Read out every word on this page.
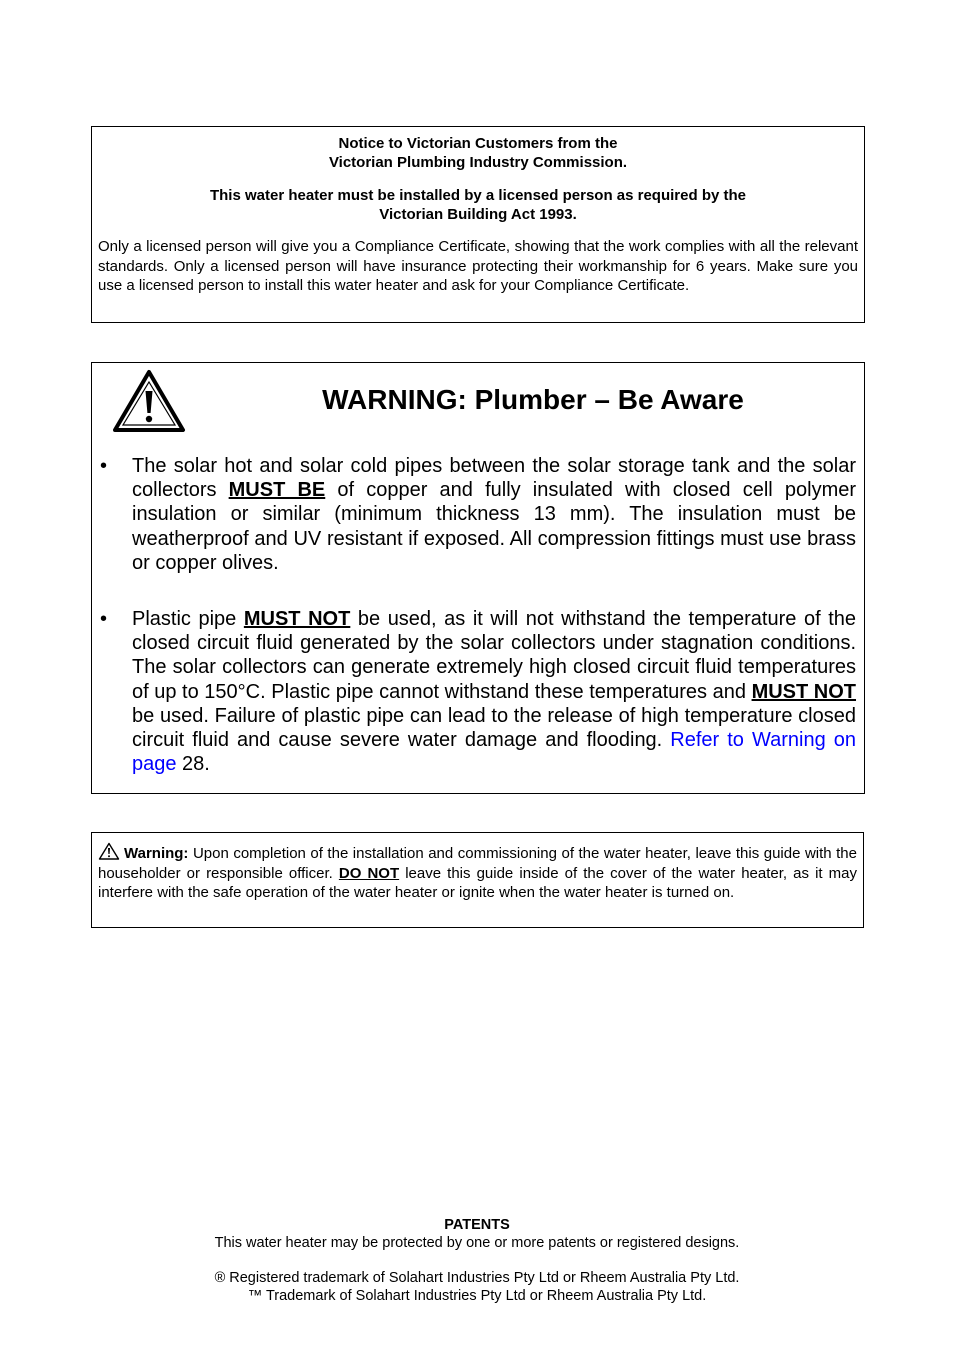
Notice to Victorian Customers from the
Victorian Plumbing Industry Commission.
This water heater must be installed by a licensed person as required by the
Victorian Building Act 1993.
Only a licensed person will give you a Compliance Certificate, showing that the work complies with all the relevant standards. Only a licensed person will have insurance protecting their workmanship for 6 years. Make sure you use a licensed person to install this water heater and ask for your Compliance Certificate.
WARNING: Plumber – Be Aware
•	The solar hot and solar cold pipes between the solar storage tank and the solar collectors MUST BE of copper and fully insulated with closed cell polymer insulation or similar (minimum thickness 13 mm). The insulation must be weatherproof and UV resistant if exposed. All compression fittings must use brass or copper olives.
•	Plastic pipe MUST NOT be used, as it will not withstand the temperature of the closed circuit fluid generated by the solar collectors under stagnation conditions. The solar collectors can generate extremely high closed circuit fluid temperatures of up to 150°C. Plastic pipe cannot withstand these temperatures and MUST NOT be used. Failure of plastic pipe can lead to the release of high temperature closed circuit fluid and cause severe water damage and flooding. Refer to Warning on page 28.
Warning: Upon completion of the installation and commissioning of the water heater, leave this guide with the householder or responsible officer. DO NOT leave this guide inside of the cover of the water heater, as it may interfere with the safe operation of the water heater or ignite when the water heater is turned on.
PATENTS
This water heater may be protected by one or more patents or registered designs.
® Registered trademark of Solahart Industries Pty Ltd or Rheem Australia Pty Ltd.
™ Trademark of Solahart Industries Pty Ltd or Rheem Australia Pty Ltd.
